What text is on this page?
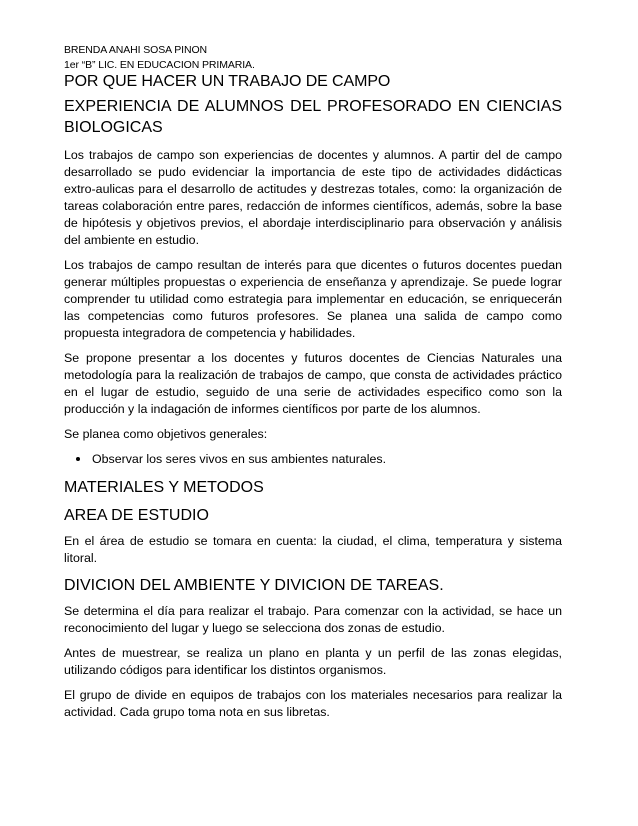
BRENDA ANAHI SOSA PINON
1er “B” LIC. EN EDUCACION PRIMARIA.
POR QUE HACER UN TRABAJO DE CAMPO
EXPERIENCIA DE ALUMNOS DEL PROFESORADO EN CIENCIAS BIOLOGICAS

Los trabajos de campo son experiencias de docentes y alumnos. A partir del de campo desarrollado se pudo evidenciar la importancia de este tipo de actividades didácticas extro-aulicas para el desarrollo de actitudes y destrezas totales, como: la organización de tareas colaboración entre pares, redacción de informes científicos, además, sobre la base de hipótesis y objetivos previos, el abordaje interdisciplinario para observación y análisis del ambiente en estudio.

Los trabajos de campo resultan de interés para que dicentes o futuros docentes puedan generar múltiples propuestas o experiencia de enseñanza y aprendizaje. Se puede lograr comprender tu utilidad como estrategia para implementar en educación, se enriquecerán las competencias como futuros profesores. Se planea una salida de campo como propuesta integradora de competencia y habilidades.

Se propone presentar a los docentes y futuros docentes de Ciencias Naturales una metodología para la realización de trabajos de campo, que consta de actividades práctico en el lugar de estudio, seguido de una serie de actividades especifico como son la producción y la indagación de informes científicos por parte de los alumnos.

Se planea como objetivos generales:

Observar los seres vivos en sus ambientes naturales.
MATERIALES Y METODOS
AREA DE ESTUDIO

En el área de estudio se tomara en cuenta: la ciudad, el clima, temperatura y sistema litoral.

DIVICION DEL AMBIENTE Y DIVICION DE TAREAS.

Se determina el día para realizar el trabajo. Para comenzar con la actividad, se hace un reconocimiento del lugar y luego se selecciona dos zonas de estudio.

Antes de muestrear, se realiza un plano en planta y un perfil de las zonas elegidas, utilizando códigos para identificar los distintos organismos.

El grupo de divide en equipos de trabajos con los materiales necesarios para realizar la actividad. Cada grupo toma nota en sus libretas.
